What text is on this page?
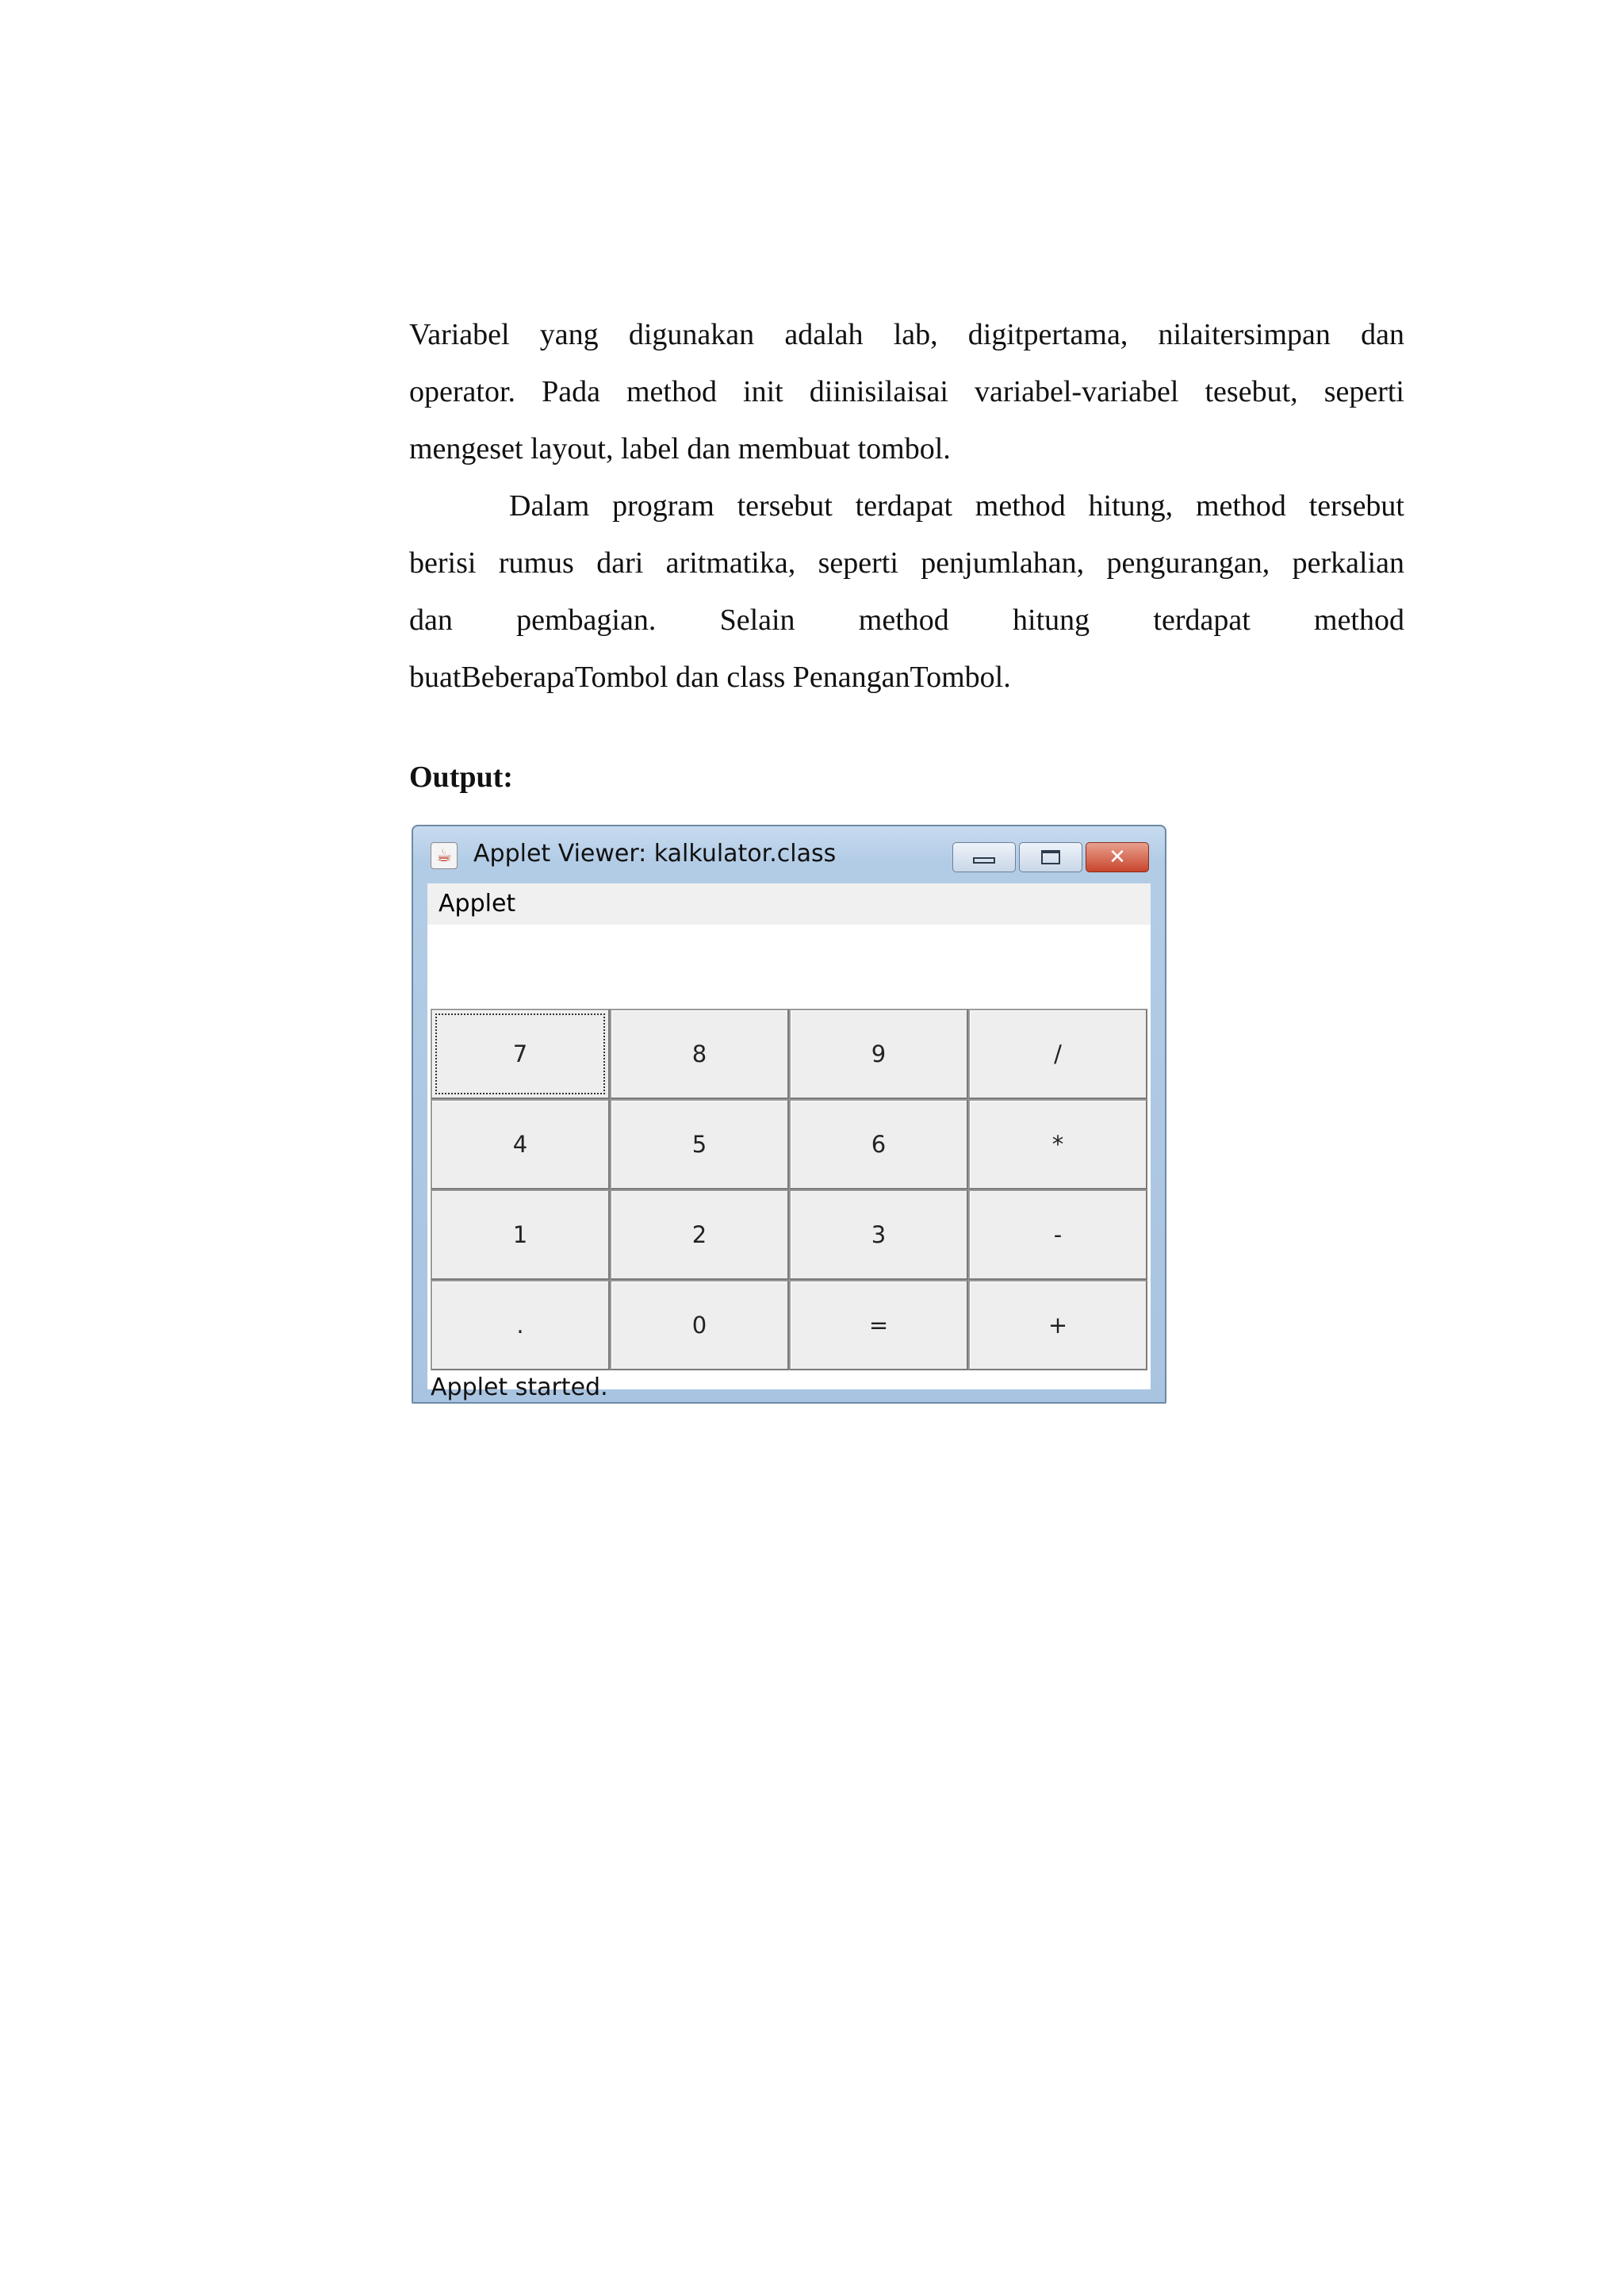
Variabel yang digunakan adalah lab, digitpertama, nilaitersimpan dan
operator. Pada method init diinisilaisai variabel-variabel tesebut, seperti
mengeset layout, label dan membuat tombol.
Dalam program tersebut terdapat method hitung, method tersebut
berisi rumus dari aritmatika, seperti penjumlahan, pengurangan, perkalian
dan pembagian. Selain method hitung terdapat method
buatBeberapaTombol dan class PenanganTombol.
Output:
☕ Applet Viewer: kalkulator.class	✕
Applet
7	8	9	/
4	5	6	*
1	2	3	-
.	0	=	+
Applet started.
